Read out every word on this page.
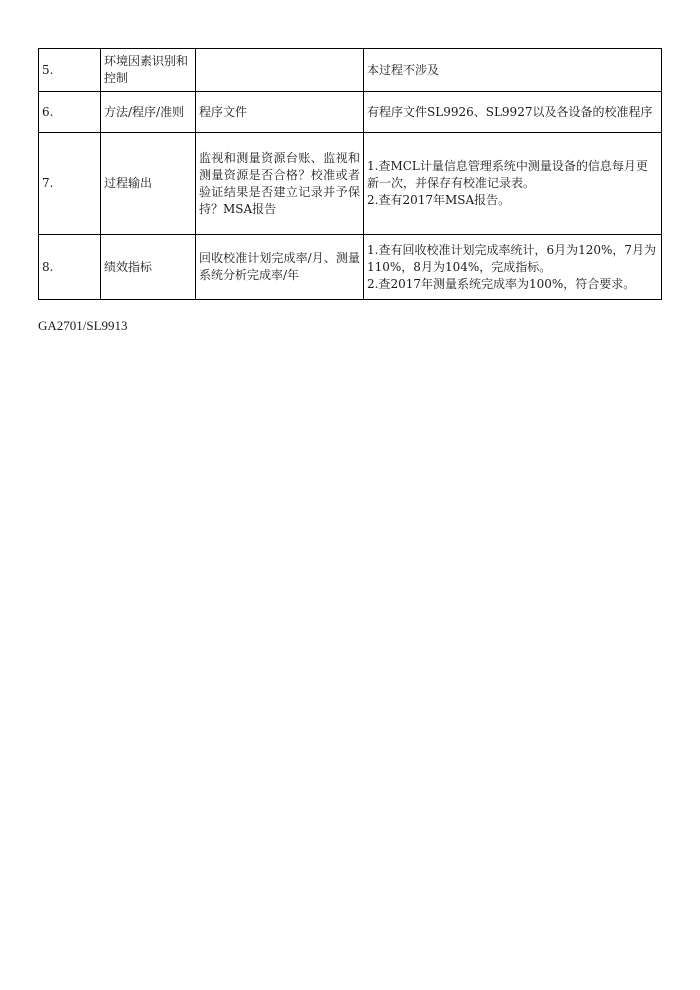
5.	环境因素识别和控制		本过程不涉及

6.	方法/程序/准则	程序文件	有程序文件SL9926、SL9927以及各设备的校准程序

7.	过程输出	监视和测量资源台账、监视和测量资源是否合格？校准或者验证结果是否建立记录并予保持？MSA报告	1.查MCL计量信息管理系统中测量设备的信息每月更新一次，并保存有校准记录表。
2.查有2017年MSA报告。

8.	绩效指标	回收校准计划完成率/月、测量系统分析完成率/年	1.查有回收校准计划完成率统计，6月为120%，7月为110%，8月为104%，完成指标。
2.查2017年测量系统完成率为100%，符合要求。
GA2701/SL9913
